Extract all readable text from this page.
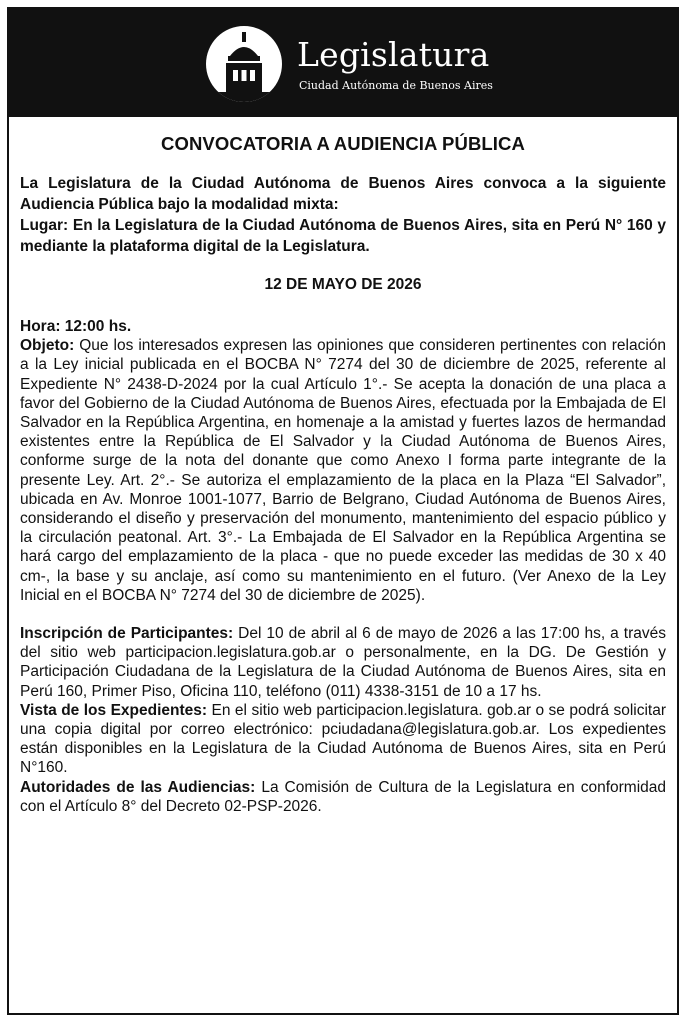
Legislatura
Ciudad Autónoma de Buenos Aires
CONVOCATORIA A AUDIENCIA PÚBLICA

La Legislatura de la Ciudad Autónoma de Buenos Aires convoca a la siguiente Audiencia Pública bajo la modalidad mixta:

Lugar: En la Legislatura de la Ciudad Autónoma de Buenos Aires, sita en Perú N° 160 y mediante la plataforma digital de la Legislatura.

12 DE MAYO DE 2026

Hora: 12:00 hs.

Objeto: Que los interesados expresen las opiniones que consideren pertinentes con relación a la Ley inicial publicada en el BOCBA N° 7274 del 30 de diciembre de 2025, referente al Expediente N° 2438-D-2024 por la cual Artículo 1°.- Se acepta la donación de una placa a favor del Gobierno de la Ciudad Autónoma de Buenos Aires, efectuada por la Embajada de El Salvador en la República Argentina, en homenaje a la amistad y fuertes lazos de hermandad existentes entre la República de El Salvador y la Ciudad Autónoma de Buenos Aires, conforme surge de la nota del donante que como Anexo I forma parte integrante de la presente Ley. Art. 2°.- Se autoriza el emplazamiento de la placa en la Plaza “El Salvador”, ubicada en Av. Monroe 1001-1077, Barrio de Belgrano, Ciudad Autónoma de Buenos Aires, considerando el diseño y preservación del monumento, mantenimiento del espacio público y la circulación peatonal. Art. 3°.- La Embajada de El Salvador en la República Argentina se hará cargo del emplazamiento de la placa - que no puede exceder las medidas de 30 x 40 cm-, la base y su anclaje, así como su mantenimiento en el futuro. (Ver Anexo de la Ley Inicial en el BOCBA N° 7274 del 30 de diciembre de 2025).

Inscripción de Participantes: Del 10 de abril al 6 de mayo de 2026 a las 17:00 hs, a través del sitio web participacion.legislatura.gob.ar o personalmente, en la DG. De Gestión y Participación Ciudadana de la Legislatura de la Ciudad Autónoma de Buenos Aires, sita en Perú 160, Primer Piso, Oficina 110, teléfono (011) 4338-3151 de 10 a 17 hs.

Vista de los Expedientes: En el sitio web participacion.legislatura. gob.ar o se podrá solicitar una copia digital por correo electrónico: pciudadana@legislatura.gob.ar. Los expedientes están disponibles en la Legislatura de la Ciudad Autónoma de Buenos Aires, sita en Perú N°160.

Autoridades de las Audiencias: La Comisión de Cultura de la Legislatura en conformidad con el Artículo 8° del Decreto 02-PSP-2026.
